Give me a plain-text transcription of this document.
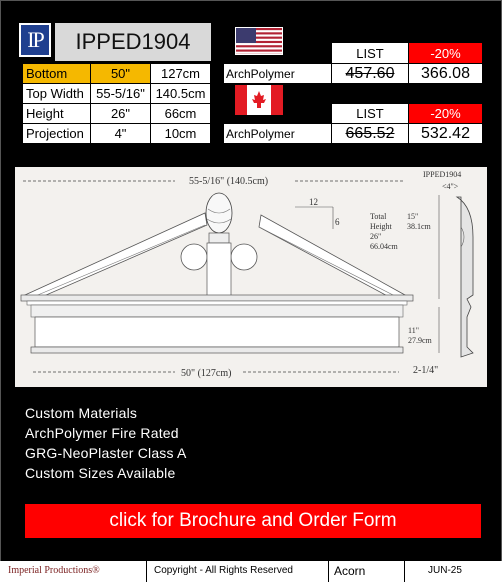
IP IPPED1904
Bottom	50"	127cm
Top Width	55-5/16"	140.5cm
Height	26"	66cm
Projection	4"	10cm
LIST	-20%
ArchPolymer	457.60	366.08
LIST	-20%
ArchPolymer	665.52	532.42
55-5/16" (140.5cm)
IPPED1904
<4">
50" (127cm)
12
6
Total
Height
26"
66.04cm
15"
38.1cm
11"
27.9cm
2-1/4"
Custom Materials
ArchPolymer Fire Rated
GRG-NeoPlaster Class A
Custom Sizes Available
click for Brochure and Order Form
Imperial Productions®	Copyright - All Rights Reserved	Acorn	JUN-25
